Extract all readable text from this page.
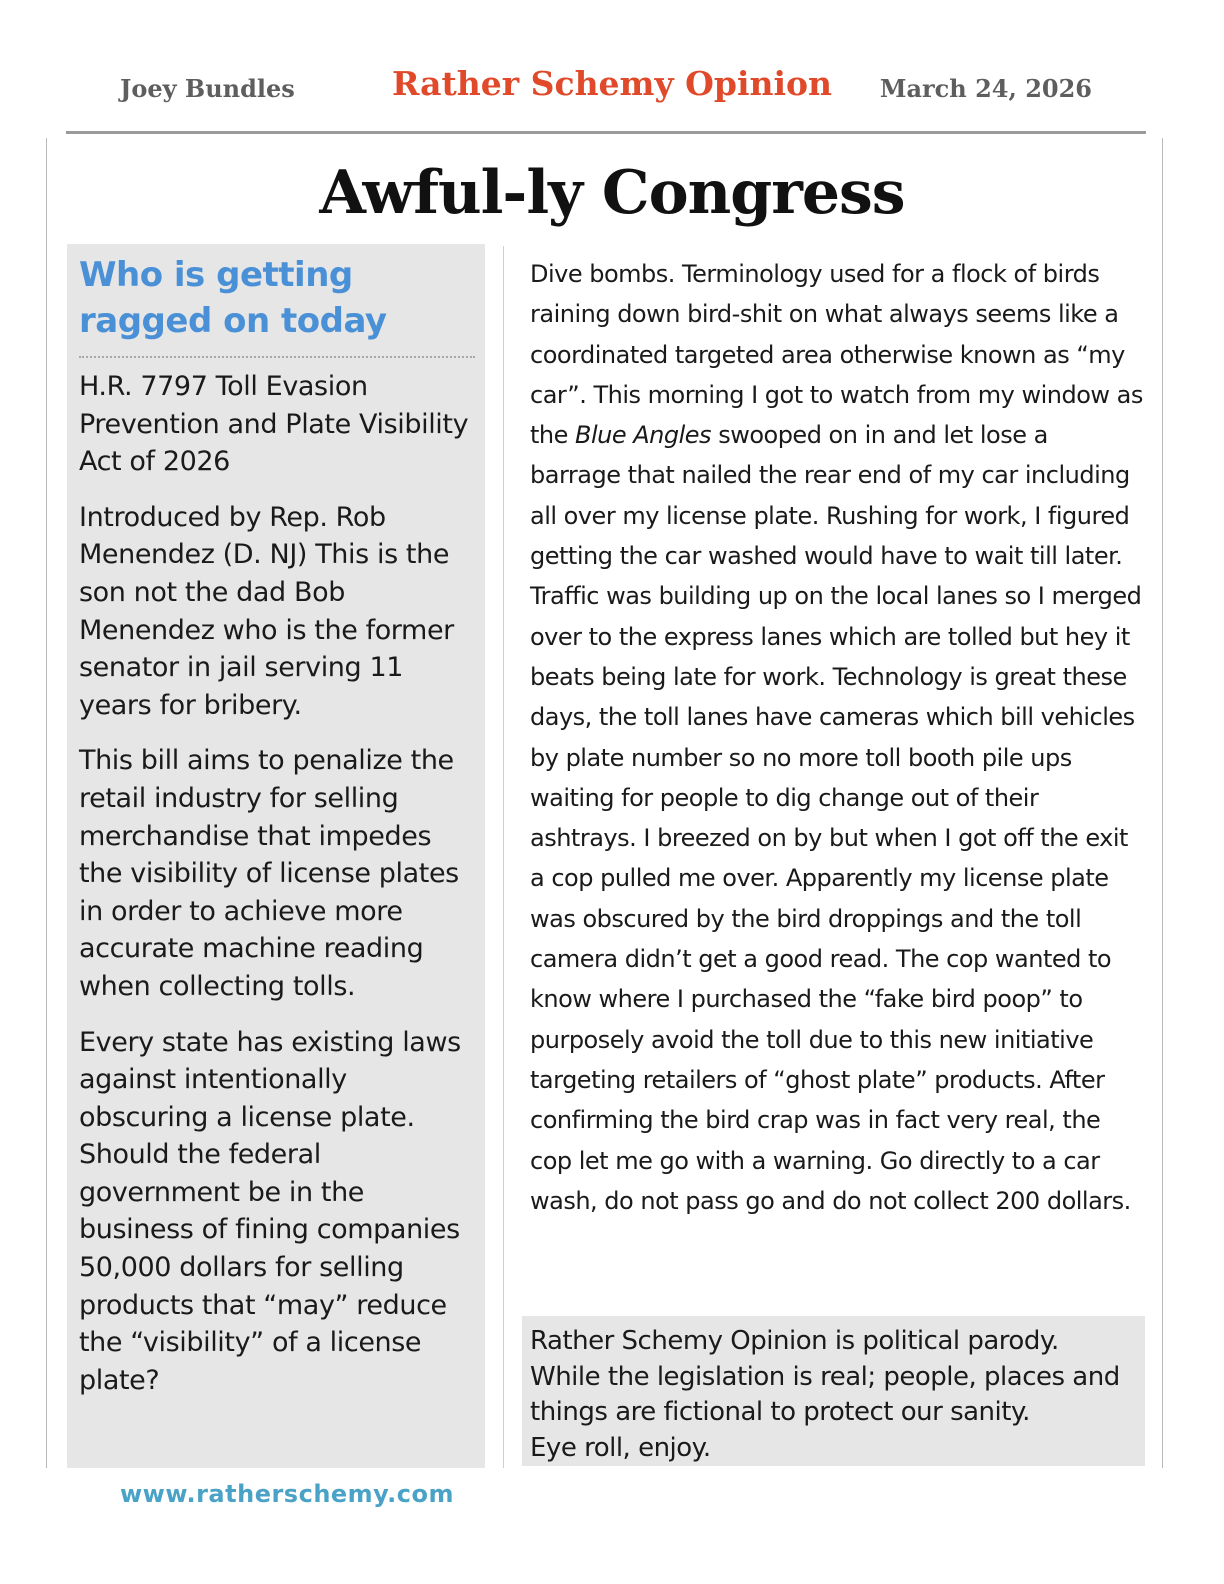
Joey Bundles	Rather Schemy Opinion	March 24, 2026
Awful-ly Congress
Who is getting ragged on today

H.R. 7797 Toll Evasion Prevention and Plate Visibility Act of 2026

Introduced by Rep. Rob Menendez (D. NJ) This is the son not the dad Bob Menendez who is the former senator in jail serving 11 years for bribery.

This bill aims to penalize the retail industry for selling merchandise that impedes the visibility of license plates in order to achieve more accurate machine reading when collecting tolls.

Every state has existing laws against intentionally obscuring a license plate. Should the federal government be in the business of fining companies 50,000 dollars for selling products that “may” reduce the “visibility” of a license plate?

Dive bombs. Terminology used for a flock of birds raining down bird-shit on what always seems like a coordinated targeted area otherwise known as “my car”. This morning I got to watch from my window as the Blue Angles swooped on in and let lose a barrage that nailed the rear end of my car including all over my license plate. Rushing for work, I figured getting the car washed would have to wait till later. Traffic was building up on the local lanes so I merged over to the express lanes which are tolled but hey it beats being late for work. Technology is great these days, the toll lanes have cameras which bill vehicles by plate number so no more toll booth pile ups waiting for people to dig change out of their ashtrays. I breezed on by but when I got off the exit a cop pulled me over. Apparently my license plate was obscured by the bird droppings and the toll camera didn’t get a good read. The cop wanted to know where I purchased the “fake bird poop” to purposely avoid the toll due to this new initiative targeting retailers of “ghost plate” products. After confirming the bird crap was in fact very real, the cop let me go with a warning. Go directly to a car wash, do not pass go and do not collect 200 dollars.

Rather Schemy Opinion is political parody.

While the legislation is real; people, places and

things are fictional to protect our sanity.

Eye roll, enjoy.

www.ratherschemy.com
